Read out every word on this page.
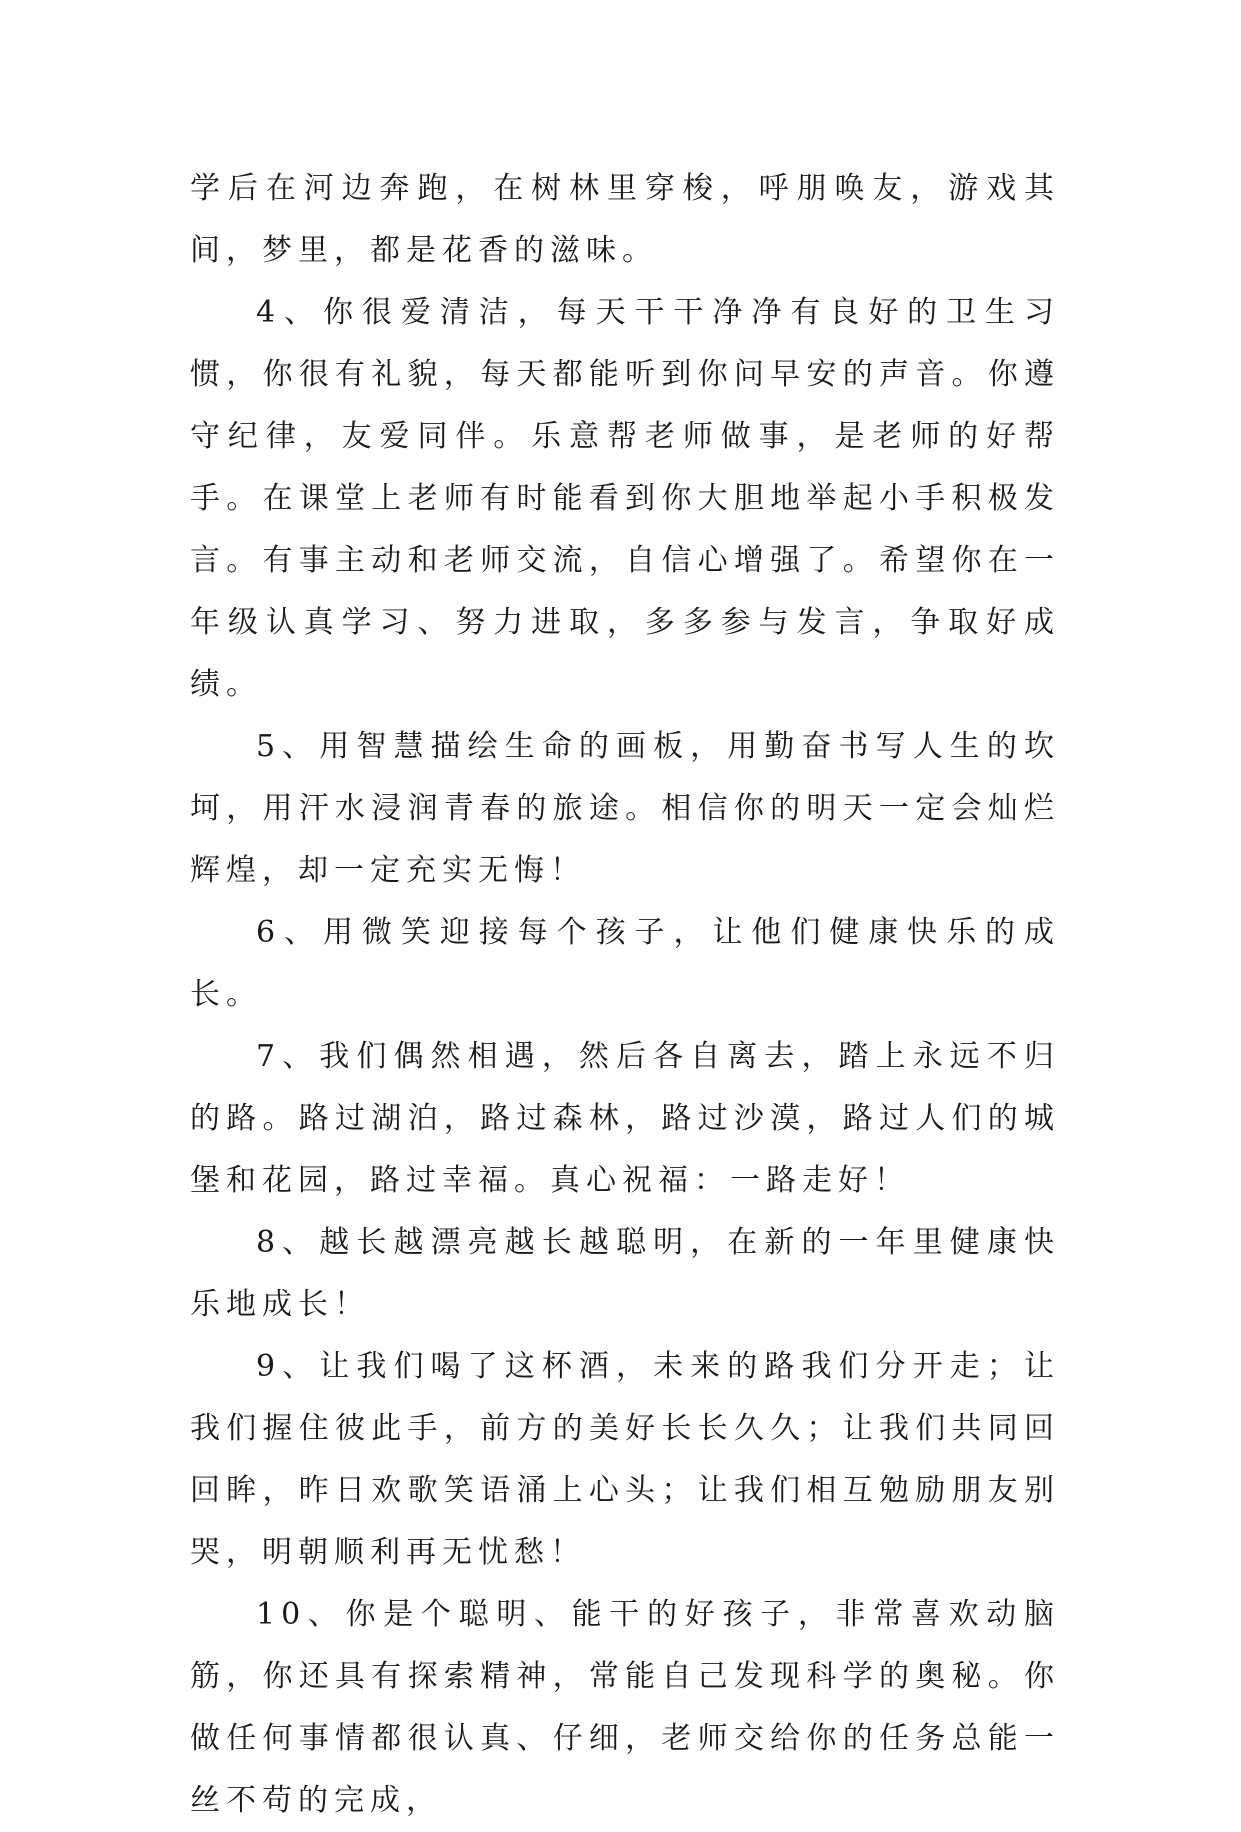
学后在河边奔跑，在树林里穿梭，呼朋唤友，游戏其间，梦里，都是花香的滋味。

4、你很爱清洁，每天干干净净有良好的卫生习惯，你很有礼貌，每天都能听到你问早安的声音。你遵守纪律，友爱同伴。乐意帮老师做事，是老师的好帮手。在课堂上老师有时能看到你大胆地举起小手积极发言。有事主动和老师交流，自信心增强了。希望你在一年级认真学习、努力进取，多多参与发言，争取好成绩。

5、用智慧描绘生命的画板，用勤奋书写人生的坎坷，用汗水浸润青春的旅途。相信你的明天一定会灿烂辉煌，却一定充实无悔！

6、用微笑迎接每个孩子，让他们健康快乐的成长。

7、我们偶然相遇，然后各自离去，踏上永远不归的路。路过湖泊，路过森林，路过沙漠，路过人们的城堡和花园，路过幸福。真心祝福：一路走好！

8、越长越漂亮越长越聪明，在新的一年里健康快乐地成长！

9、让我们喝了这杯酒，未来的路我们分开走；让我们握住彼此手，前方的美好长长久久；让我们共同回回眸，昨日欢歌笑语涌上心头；让我们相互勉励朋友别哭，明朝顺利再无忧愁！

10、你是个聪明、能干的好孩子，非常喜欢动脑筋，你还具有探索精神，常能自己发现科学的奥秘。你做任何事情都很认真、仔细，老师交给你的任务总能一丝不苟的完成，
